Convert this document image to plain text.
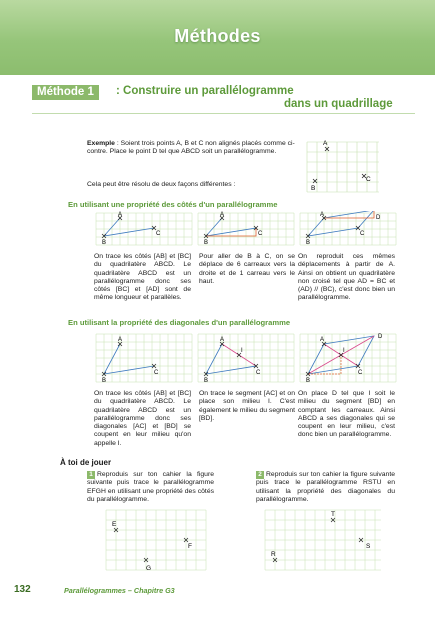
Méthodes
Méthode 1	: Construire un parallélogramme
dans un quadrillage
Exemple : Soient trois points A, B et C non alignés placés comme ci-contre. Place le point D tel que ABCD soit un parallélogramme.
Cela peut être résolu de deux façons différentes :
A
B
C
En utilisant une propriété des côtés d'un parallélogramme
A
B
C
A
B
C
A
B
C
D
On trace les côtés [AB] et [BC] du quadrilatère ABCD. Le quadrilatère ABCD est un parallélogramme donc ses côtés [BC] et [AD] sont de même longueur et parallèles.
Pour aller de B à C, on se déplace de 6 carreaux vers la droite et de 1 carreau vers le haut.
On reproduit ces mêmes déplacements à partir de A. Ainsi on obtient un quadrilatère non croisé tel que AD = BC et (AD) // (BC), c'est donc bien un parallélogramme.
En utilisant la propriété des diagonales d'un parallélogramme
A
B
C
A
B
C
I
A
B
C
D
I
On trace les côtés [AB] et [BC] du quadrilatère ABCD. Le quadrilatère ABCD est un parallélogramme donc ses diagonales [AC] et [BD] se coupent en leur milieu qu'on appelle I.
On trace le segment [AC] et on place son milieu I. C'est également le milieu du segment [BD].
On place D tel que I soit le milieu du segment [BD] en comptant les carreaux. Ainsi ABCD a ses diagonales qui se coupent en leur milieu, c'est donc bien un parallélogramme.
À toi de jouer
1 Reproduis sur ton cahier la figure suivante puis trace le parallélogramme EFGH en utilisant une propriété des côtés du parallélogramme.
2 Reproduis sur ton cahier la figure suivante puis trace le parallélogramme RSTU en utilisant la propriété des diagonales du parallélogramme.
E
F
G
R
S
T
132	Parallélogrammes – Chapitre G3
